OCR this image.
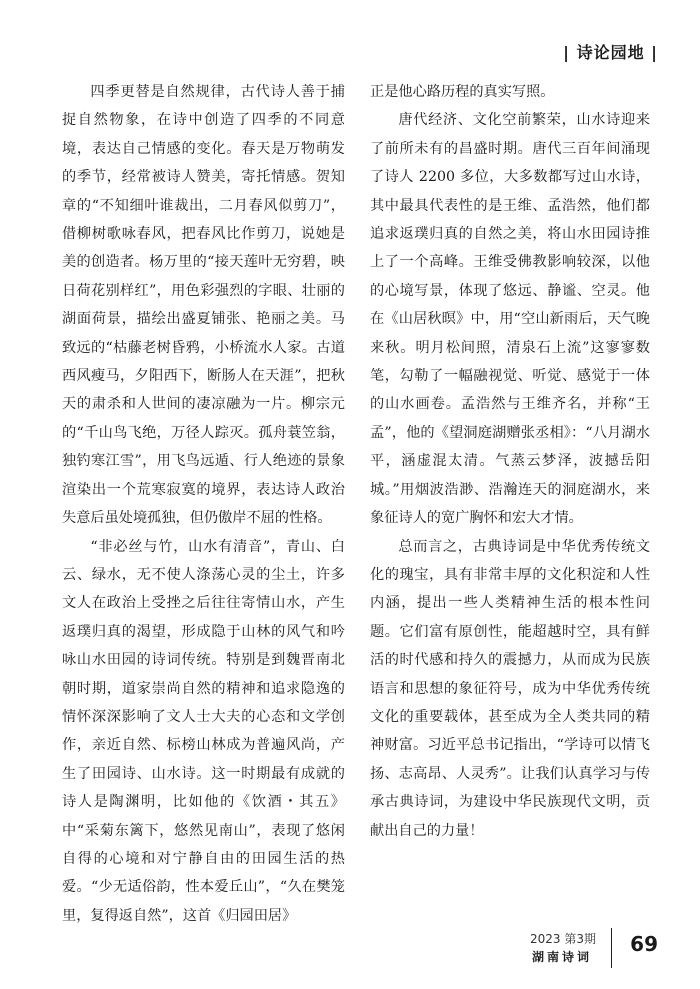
| 诗论园地 |

四季更替是自然规律，古代诗人善于捕捉自然物象，在诗中创造了四季的不同意境，表达自己情感的变化。春天是万物萌发的季节，经常被诗人赞美，寄托情感。贺知章的“不知细叶谁裁出，二月春风似剪刀”，借柳树歌咏春风，把春风比作剪刀，说她是美的创造者。杨万里的“接天莲叶无穷碧，映日荷花别样红”，用色彩强烈的字眼、壮丽的湖面荷景，描绘出盛夏铺张、艳丽之美。马致远的“枯藤老树昏鸦，小桥流水人家。古道西风瘦马，夕阳西下，断肠人在天涯”，把秋天的肃杀和人世间的凄凉融为一片。柳宗元的“千山鸟飞绝，万径人踪灭。孤舟蓑笠翁，独钓寒江雪”，用飞鸟远遁、行人绝迹的景象渲染出一个荒寒寂寞的境界，表达诗人政治失意后虽处境孤独，但仍傲岸不屈的性格。

“非必丝与竹，山水有清音”，青山、白云、绿水，无不使人涤荡心灵的尘土，许多文人在政治上受挫之后往往寄情山水，产生返璞归真的渴望，形成隐于山林的风气和吟咏山水田园的诗词传统。特别是到魏晋南北朝时期，道家崇尚自然的精神和追求隐逸的情怀深深影响了文人士大夫的心态和文学创作，亲近自然、标榜山林成为普遍风尚，产生了田园诗、山水诗。这一时期最有成就的诗人是陶渊明，比如他的《饮酒・其五》中“采菊东篱下，悠然见南山”，表现了悠闲自得的心境和对宁静自由的田园生活的热爱。“少无适俗韵，性本爱丘山”，“久在樊笼里，复得返自然”，这首《归园田居》

正是他心路历程的真实写照。

唐代经济、文化空前繁荣，山水诗迎来了前所未有的昌盛时期。唐代三百年间涌现了诗人 2200 多位，大多数都写过山水诗，其中最具代表性的是王维、孟浩然，他们都追求返璞归真的自然之美，将山水田园诗推上了一个高峰。王维受佛教影响较深，以他的心境写景，体现了悠远、静谧、空灵。他在《山居秋暝》中，用“空山新雨后，天气晚来秋。明月松间照，清泉石上流”这寥寥数笔，勾勒了一幅融视觉、听觉、感觉于一体的山水画卷。孟浩然与王维齐名，并称“王孟”，他的《望洞庭湖赠张丞相》：“八月湖水平，涵虚混太清。气蒸云梦泽，波撼岳阳城。”用烟波浩渺、浩瀚连天的洞庭湖水，来象征诗人的宽广胸怀和宏大才情。

总而言之，古典诗词是中华优秀传统文化的瑰宝，具有非常丰厚的文化积淀和人性内涵，提出一些人类精神生活的根本性问题。它们富有原创性，能超越时空，具有鲜活的时代感和持久的震撼力，从而成为民族语言和思想的象征符号，成为中华优秀传统文化的重要载体，甚至成为全人类共同的精神财富。习近平总书记指出，“学诗可以情飞扬、志高昂、人灵秀”。让我们认真学习与传承古典诗词，为建设中华民族现代文明，贡献出自己的力量！

2023 第3期
湖南诗词
69
